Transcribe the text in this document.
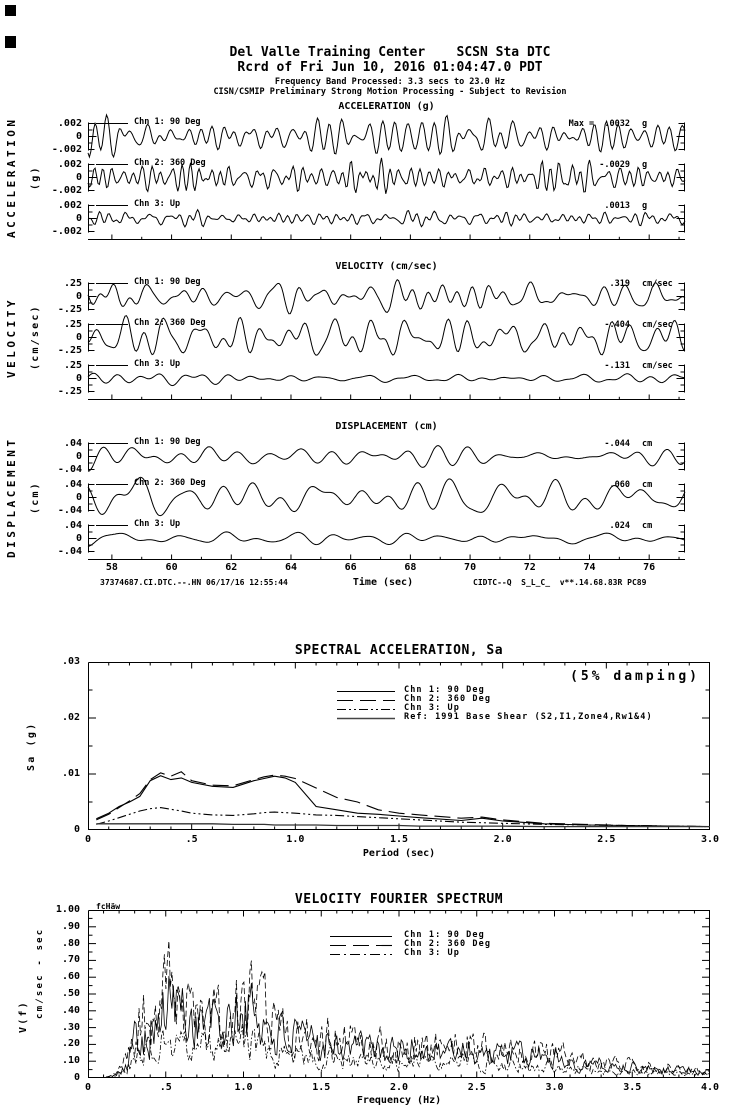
Del Valle Training Center    SCSN Sta DTC
Rcrd of Fri Jun 10, 2016 01:04:47.0 PDT
Frequency Band Processed: 3.3 secs to 23.0 Hz
CISN/CSMIP Preliminary Strong Motion Processing - Subject to Revision
ACCELERATION (g)
ACCELERATION (g)
.002
0
-.002
Chn 1: 90 Deg	Max =  .0032 g
.002
0
-.002
Chn 2: 360 Deg	-.0029 g
.002
0
-.002
Chn 3: Up	.0013 g
VELOCITY (cm/sec)
VELOCITY (cm/sec)
.25
0
-.25
Chn 1: 90 Deg	.319 cm/sec
.25
0
-.25
Chn 2: 360 Deg	-.404 cm/sec
.25
0
-.25
Chn 3: Up	-.131 cm/sec
DISPLACEMENT (cm)
DISPLACEMENT (cm)
.04
0
-.04
Chn 1: 90 Deg	-.044 cm
.04
0
-.04
Chn 2: 360 Deg	.060 cm
.04
0
-.04
Chn 3: Up	.024 cm
58	60	62	64	66	68	70	72	74	76
Time (sec)
37374687.CI.DTC.--.HN 06/17/16 12:55:44	CIDTC--Q  S_L_C_  v**.14.68.83R PC89
SPECTRAL ACCELERATION, Sa
.03
.02
.01
0
0	.5	1.0	1.5	2.0	2.5	3.0
Sa (g)
Period (sec)
(5% damping)
Chn 1: 90 Deg
Chn 2: 360 Deg
Chn 3: Up
Ref: 1991 Base Shear (S2,I1,Zone4,Rw1&4)
VELOCITY FOURIER SPECTRUM
fcHäw
1.00
.90
.80
.70
.60
.50
.40
.30
.20
.10
0
0	.5	1.0	1.5	2.0	2.5	3.0	3.5	4.0
V(f) cm/sec - sec
Frequency (Hz)
Chn 1: 90 Deg
Chn 2: 360 Deg
Chn 3: Up
